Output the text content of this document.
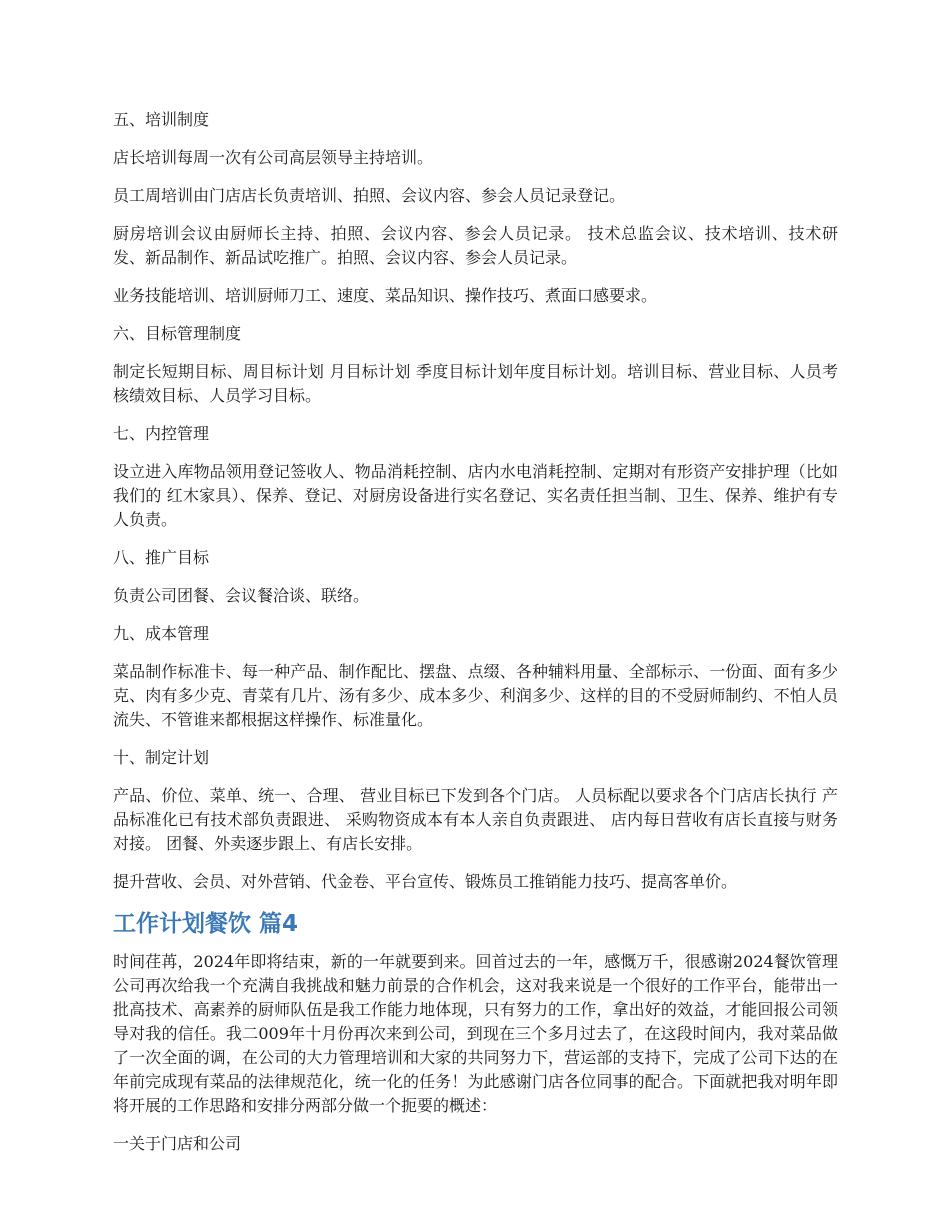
五、培训制度

店长培训每周一次有公司高层领导主持培训。

员工周培训由门店店长负责培训、拍照、会议内容、参会人员记录登记。

厨房培训会议由厨师长主持、拍照、会议内容、参会人员记录。 技术总监会议、技术培训、技术研发、新品制作、新品试吃推广。拍照、会议内容、参会人员记录。

业务技能培训、培训厨师刀工、速度、菜品知识、操作技巧、煮面口感要求。

六、目标管理制度

制定长短期目标、周目标计划 月目标计划 季度目标计划年度目标计划。培训目标、营业目标、人员考核绩效目标、人员学习目标。

七、内控管理

设立进入库物品领用登记签收人、物品消耗控制、店内水电消耗控制、定期对有形资产安排护理（比如我们的 红木家具）、保养、登记、对厨房设备进行实名登记、实名责任担当制、卫生、保养、维护有专人负责。

八、推广目标

负责公司团餐、会议餐洽谈、联络。

九、成本管理

菜品制作标准卡、每一种产品、制作配比、摆盘、点缀、各种辅料用量、全部标示、一份面、面有多少克、肉有多少克、青菜有几片、汤有多少、成本多少、利润多少、这样的目的不受厨师制约、不怕人员流失、不管谁来都根据这样操作、标准量化。

十、制定计划

产品、价位、菜单、统一、合理、 营业目标已下发到各个门店。 人员标配以要求各个门店店长执行 产品标准化已有技术部负责跟进、 采购物资成本有本人亲自负责跟进、 店内每日营收有店长直接与财务对接。 团餐、外卖逐步跟上、有店长安排。

提升营收、会员、对外营销、代金卷、平台宣传、锻炼员工推销能力技巧、提高客单价。

工作计划餐饮 篇4

时间荏苒，2024年即将结束，新的一年就要到来。回首过去的一年，感慨万千，很感谢2024餐饮管理公司再次给我一个充满自我挑战和魅力前景的合作机会，这对我来说是一个很好的工作平台，能带出一批高技术、高素养的厨师队伍是我工作能力地体现，只有努力的工作，拿出好的效益，才能回报公司领导对我的信任。我二009年十月份再次来到公司，到现在三个多月过去了，在这段时间内，我对菜品做了一次全面的调，在公司的大力管理培训和大家的共同努力下，营运部的支持下，完成了公司下达的在年前完成现有菜品的法律规范化，统一化的任务！为此感谢门店各位同事的配合。下面就把我对明年即将开展的工作思路和安排分两部分做一个扼要的概述：

一关于门店和公司
